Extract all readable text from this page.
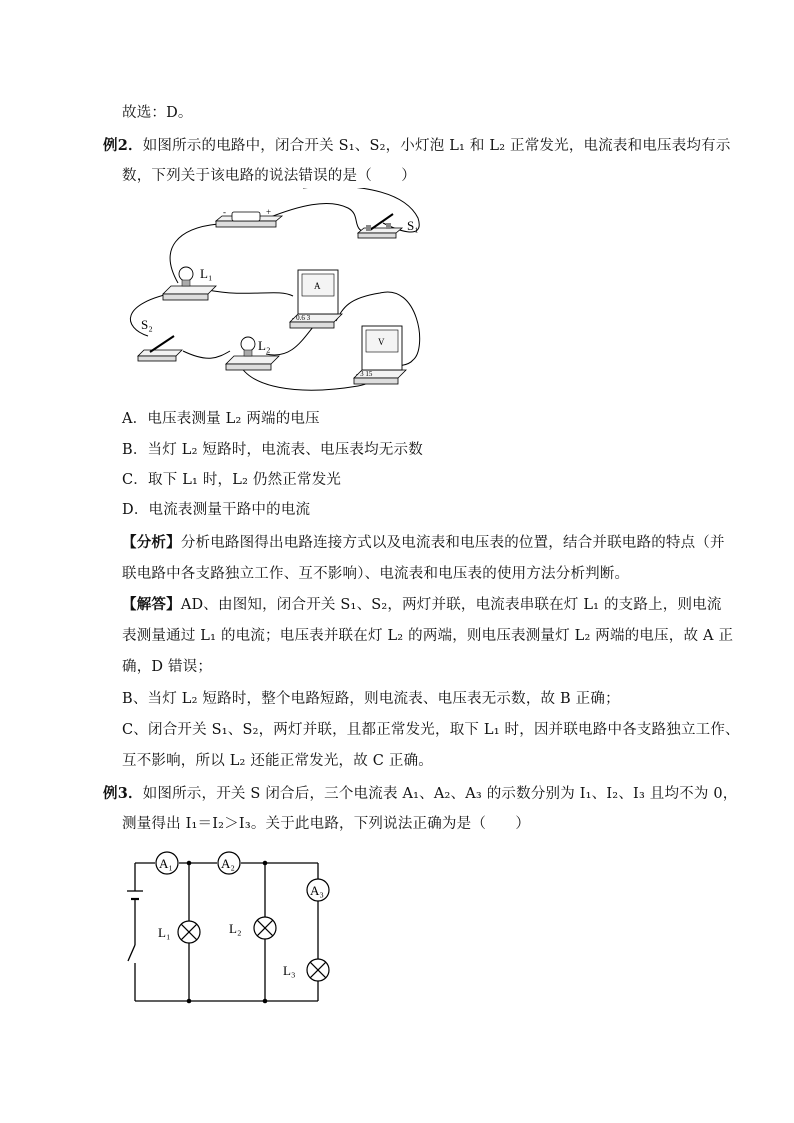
故选：D。
例2．如图所示的电路中，闭合开关 S₁、S₂，小灯泡 L₁ 和 L₂ 正常发光，电流表和电压表均有示
数，下列关于该电路的说法错误的是（　　）
-	+
S₁
L₁
A
- 0.6 3
S₂
L₂	V
- 3 15
A．电压表测量 L₂ 两端的电压
B．当灯 L₂ 短路时，电流表、电压表均无示数
C．取下 L₁ 时，L₂ 仍然正常发光
D．电流表测量干路中的电流
【分析】分析电路图得出电路连接方式以及电流表和电压表的位置，结合并联电路的特点（并
联电路中各支路独立工作、互不影响）、电流表和电压表的使用方法分析判断。
【解答】AD、由图知，闭合开关 S₁、S₂，两灯并联，电流表串联在灯 L₁ 的支路上，则电流
表测量通过 L₁ 的电流；电压表并联在灯 L₂ 的两端，则电压表测量灯 L₂ 两端的电压，故 A 正
确，D 错误；
B、当灯 L₂ 短路时，整个电路短路，则电流表、电压表无示数，故 B 正确；
C、闭合开关 S₁、S₂，两灯并联，且都正常发光，取下 L₁ 时，因并联电路中各支路独立工作、
互不影响，所以 L₂ 还能正常发光，故 C 正确。
例3．如图所示，开关 S 闭合后，三个电流表 A₁、A₂、A₃ 的示数分别为 I₁、I₂、I₃ 且均不为 0，
测量得出 I₁＝I₂＞I₃。关于此电路，下列说法正确为是（　　）
A₁	A₂
A₃
L₁	L₂
L₃
